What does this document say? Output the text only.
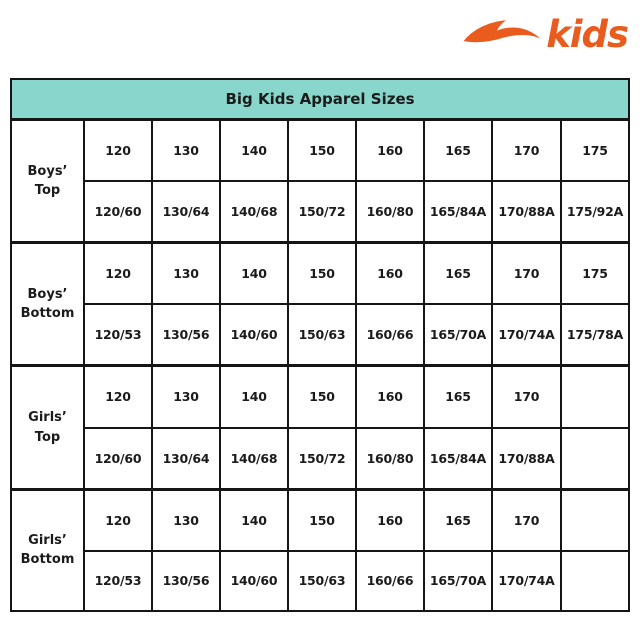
kids
Big Kids Apparel Sizes								

Boys’
Top	120	130	140	150	160	165	170	175
	120/60	130/64	140/68	150/72	160/80	165/84A	170/88A	175/92A

Boys’
Bottom	120	130	140	150	160	165	170	175
	120/53	130/56	140/60	150/63	160/66	165/70A	170/74A	175/78A

Girls’
Top	120	130	140	150	160	165	170	
	120/60	130/64	140/68	150/72	160/80	165/84A	170/88A	

Girls’
Bottom	120	130	140	150	160	165	170	
	120/53	130/56	140/60	150/63	160/66	165/70A	170/74A	
